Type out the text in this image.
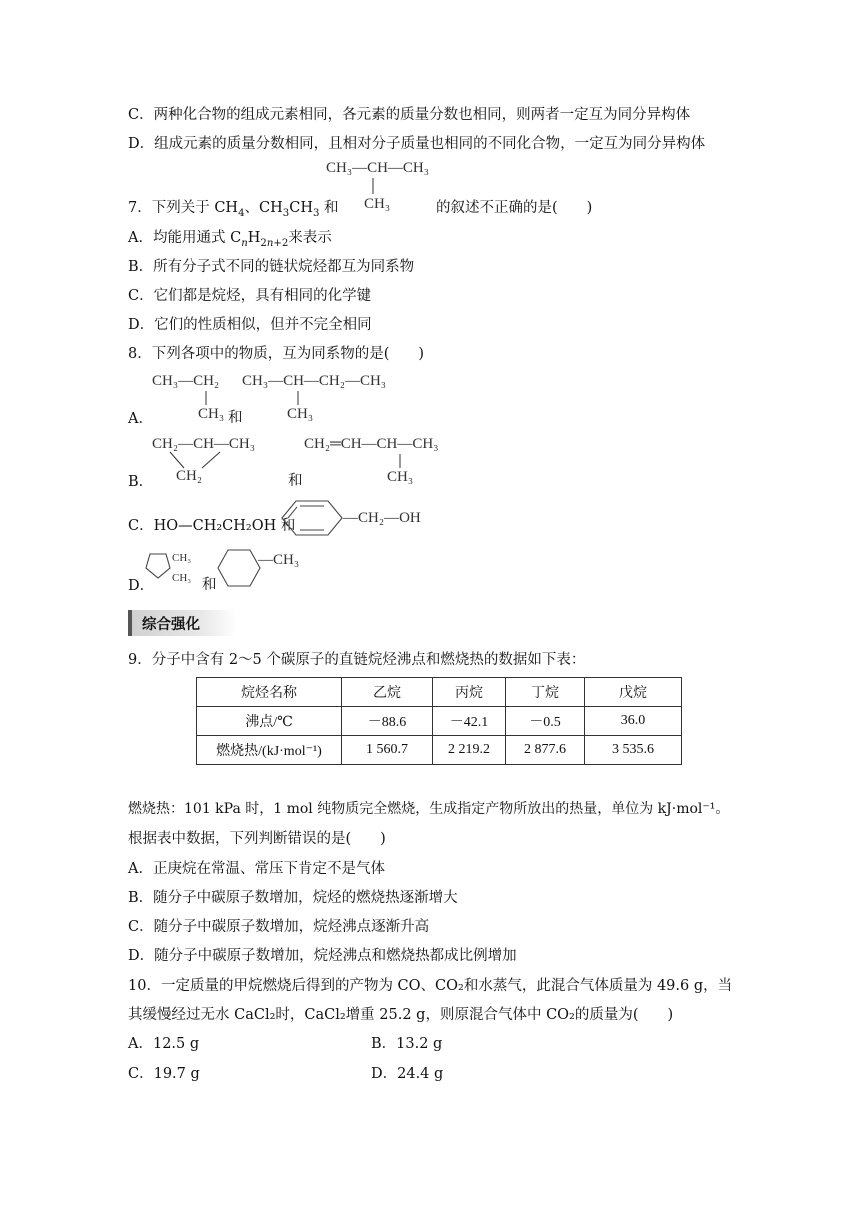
C．两种化合物的组成元素相同，各元素的质量分数也相同，则两者一定互为同分异构体
D．组成元素的质量分数相同，且相对分子质量也相同的不同化合物，一定互为同分异构体
CH₃—CH—CH₃
CH₃
7．下列关于 $CH_4$、$CH_3CH_3$ 和	的叙述不正确的是(　　)
A．均能用通式 $C_nH_{2n+2}$来表示
B．所有分子式不同的链状烷烃都互为同系物
C．它们都是烷烃，具有相同的化学键
D．它们的性质相似，但并不完全相同
8．下列各项中的物质，互为同系物的是(　　)
CH₃—CH₂
CH₃
A．	和
CH₃—CH—CH₂—CH₃
CH₃
CH₂—CH—CH₃
CH₂
B．	和
CH₂═CH—CH—CH₃
CH₃
C．HO—CH₂CH₂OH 和	—CH₂—OH
CH₃
CH₃
D．	和
—CH₃
综合强化
9．分子中含有 2～5 个碳原子的直链烷烃沸点和燃烧热的数据如下表：
烷烃名称	乙烷	丙烷	丁烷	戊烷
沸点/℃	－88.6	－42.1	－0.5	36.0
燃烧热/(kJ·mol⁻¹)	1 560.7	2 219.2	2 877.6	3 535.6
燃烧热：101 kPa 时，1 mol 纯物质完全燃烧，生成指定产物所放出的热量，单位为 kJ·mol⁻¹。
根据表中数据，下列判断错误的是(　　)
A．正庚烷在常温、常压下肯定不是气体
B．随分子中碳原子数增加，烷烃的燃烧热逐渐增大
C．随分子中碳原子数增加，烷烃沸点逐渐升高
D．随分子中碳原子数增加，烷烃沸点和燃烧热都成比例增加
10．一定质量的甲烷燃烧后得到的产物为 CO、CO₂和水蒸气，此混合气体质量为 49.6 g，当
其缓慢经过无水 CaCl₂时，CaCl₂增重 25.2 g，则原混合气体中 CO₂的质量为(　　)
A．12.5 g	B．13.2 g
C．19.7 g	D．24.4 g
